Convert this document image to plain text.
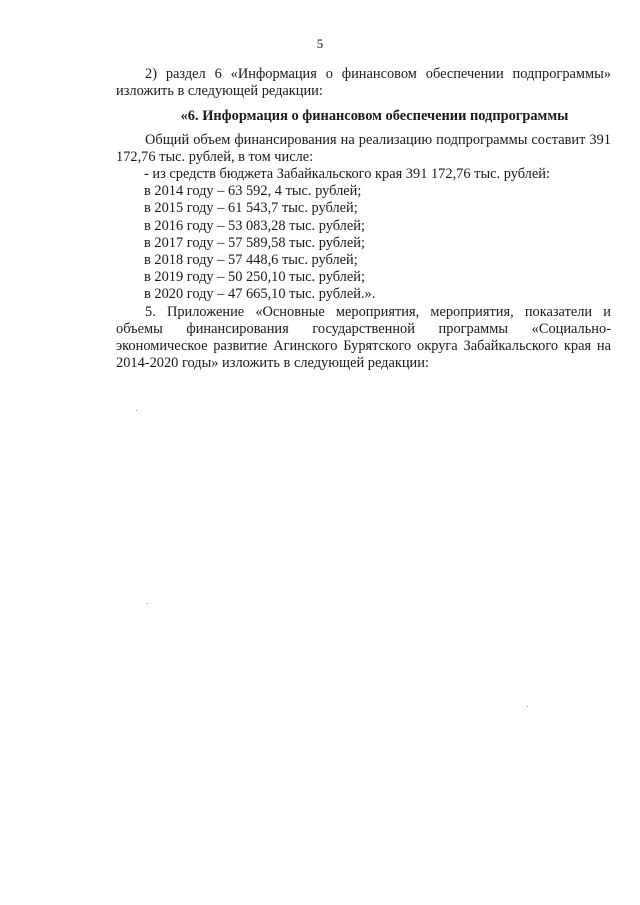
5

2) раздел 6 «Информация о финансовом обеспечении подпрограммы» изложить в следующей редакции:

«6. Информация о финансовом обеспечении подпрограммы

Общий объем финансирования на реализацию подпрограммы составит 391 172,76 тыс. рублей, в том числе:

- из средств бюджета Забайкальского края 391 172,76 тыс. рублей:

в 2014 году – 63 592, 4 тыс. рублей;

в 2015 году – 61 543,7 тыс. рублей;

в 2016 году – 53 083,28 тыс. рублей;

в 2017 году – 57 589,58 тыс. рублей;

в 2018 году – 57 448,6 тыс. рублей;

в 2019 году – 50 250,10 тыс. рублей;

в 2020 году – 47 665,10 тыс. рублей.».

5. Приложение «Основные мероприятия, мероприятия, показатели и объемы финансирования государственной программы «Социально-экономическое развитие Агинского Бурятского округа Забайкальского края на 2014-2020 годы» изложить в следующей редакции:
